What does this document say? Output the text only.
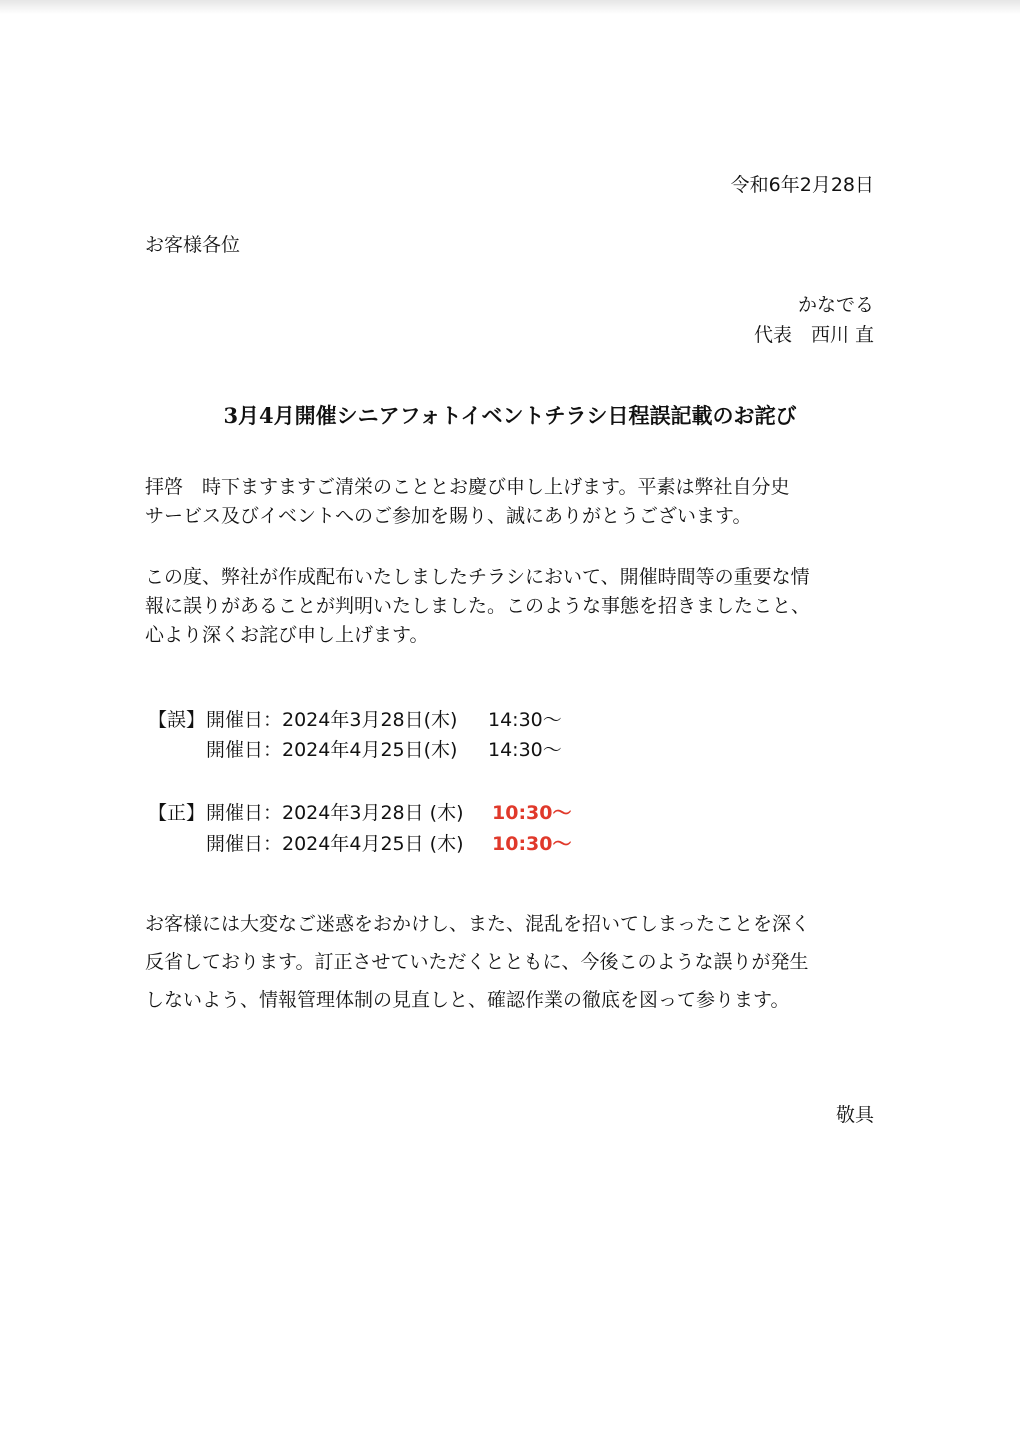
令和6年2月28日
お客様各位
かなでる
代表　西川 直
3月4月開催シニアフォトイベントチラシ日程誤記載のお詫び
拝啓　時下ますますご清栄のこととお慶び申し上げます。平素は弊社自分史
サービス及びイベントへのご参加を賜り、誠にありがとうございます。
この度、弊社が作成配布いたしましたチラシにおいて、開催時間等の重要な情
報に誤りがあることが判明いたしました。このような事態を招きましたこと、
心より深くお詫び申し上げます。
【誤】 開催日：2024年3月28日(木) 14:30～
開催日：2024年4月25日(木) 14:30～
【正】 開催日：2024年3月28日 (木) 10:30～
開催日：2024年4月25日 (木) 10:30～
お客様には大変なご迷惑をおかけし、また、混乱を招いてしまったことを深く
反省しております。訂正させていただくとともに、今後このような誤りが発生
しないよう、情報管理体制の見直しと、確認作業の徹底を図って参ります。
敬具
